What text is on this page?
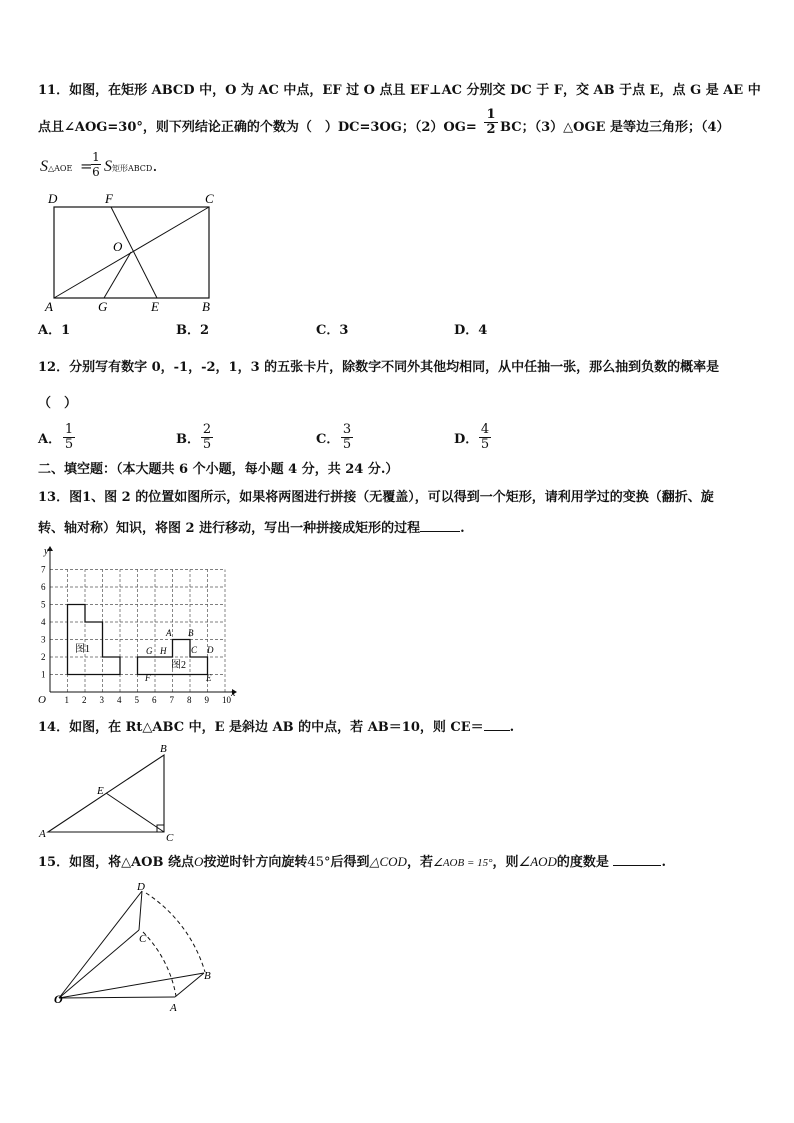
11．如图，在矩形 ABCD 中，O 为 AC 中点，EF 过 O 点且 EF⊥AC 分别交 DC 于 F，交 AB 于点 E，点 G 是 AE 中
点且∠AOG=30°，则下列结论正确的个数为（　）DC=3OG；$(2)OG= \frac{1}{2}$ BC；（3）△OGE 是等边三角形；（4）
S△AOE =
$\frac{1}{6}$ S矩形ABCD.
D	F	C
O
A	G	E	B
A．1	B．2	C．3	D．4
12．分别写有数字 0，-1，-2，1，3 的五张卡片，除数字不同外其他均相同，从中任抽一张，那么抽到负数的概率是
（　）
A． $\frac{1}{5}$	B． $\frac{2}{5}$	C． $\frac{3}{5}$	D． $\frac{4}{5}$
二、填空题：（本大题共 6 个小题，每小题 4 分，共 24 分.）
13．图1、图 2 的位置如图所示，如果将两图进行拼接（无覆盖），可以得到一个矩形，请利用学过的变换（翻折、旋
转、轴对称）知识，将图 2 进行移动，写出一种拼接成矩形的过程	.
y
x
O 1 2 3 4 5 6 7 8 9 10
1
2
3
4
5
6
7
图1
图2
A B
C D
E
F
G H
14．如图，在 Rt△ABC 中，E 是斜边 AB 的中点，若 AB＝10，则 CE＝ .
A
B
C
E
15．如图，将△AOB 绕点O按逆时针方向旋转45°后得到△COD，若∠AOB = 15°，则∠AOD的度数是	.
D
C
B
O
A
